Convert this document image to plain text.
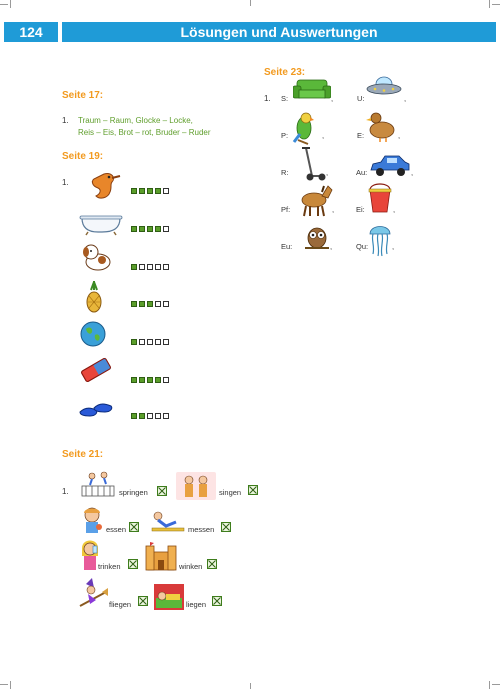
124	Lösungen und Auswertungen
Seite 17:
1. Traum – Raum, Glocke – Locke,
Reis – Eis, Brot – rot, Bruder – Ruder
Seite 19:
1.
Seite 21:
1.	springen	singen
essen	messen
trinken	winken
fliegen	liegen
Seite 23:
1. S:	,	U:	,
P:	,	E:	,
R:	,	Au:	,
Pf:	,	Ei:	,
Eu:	,	Qu:	,
